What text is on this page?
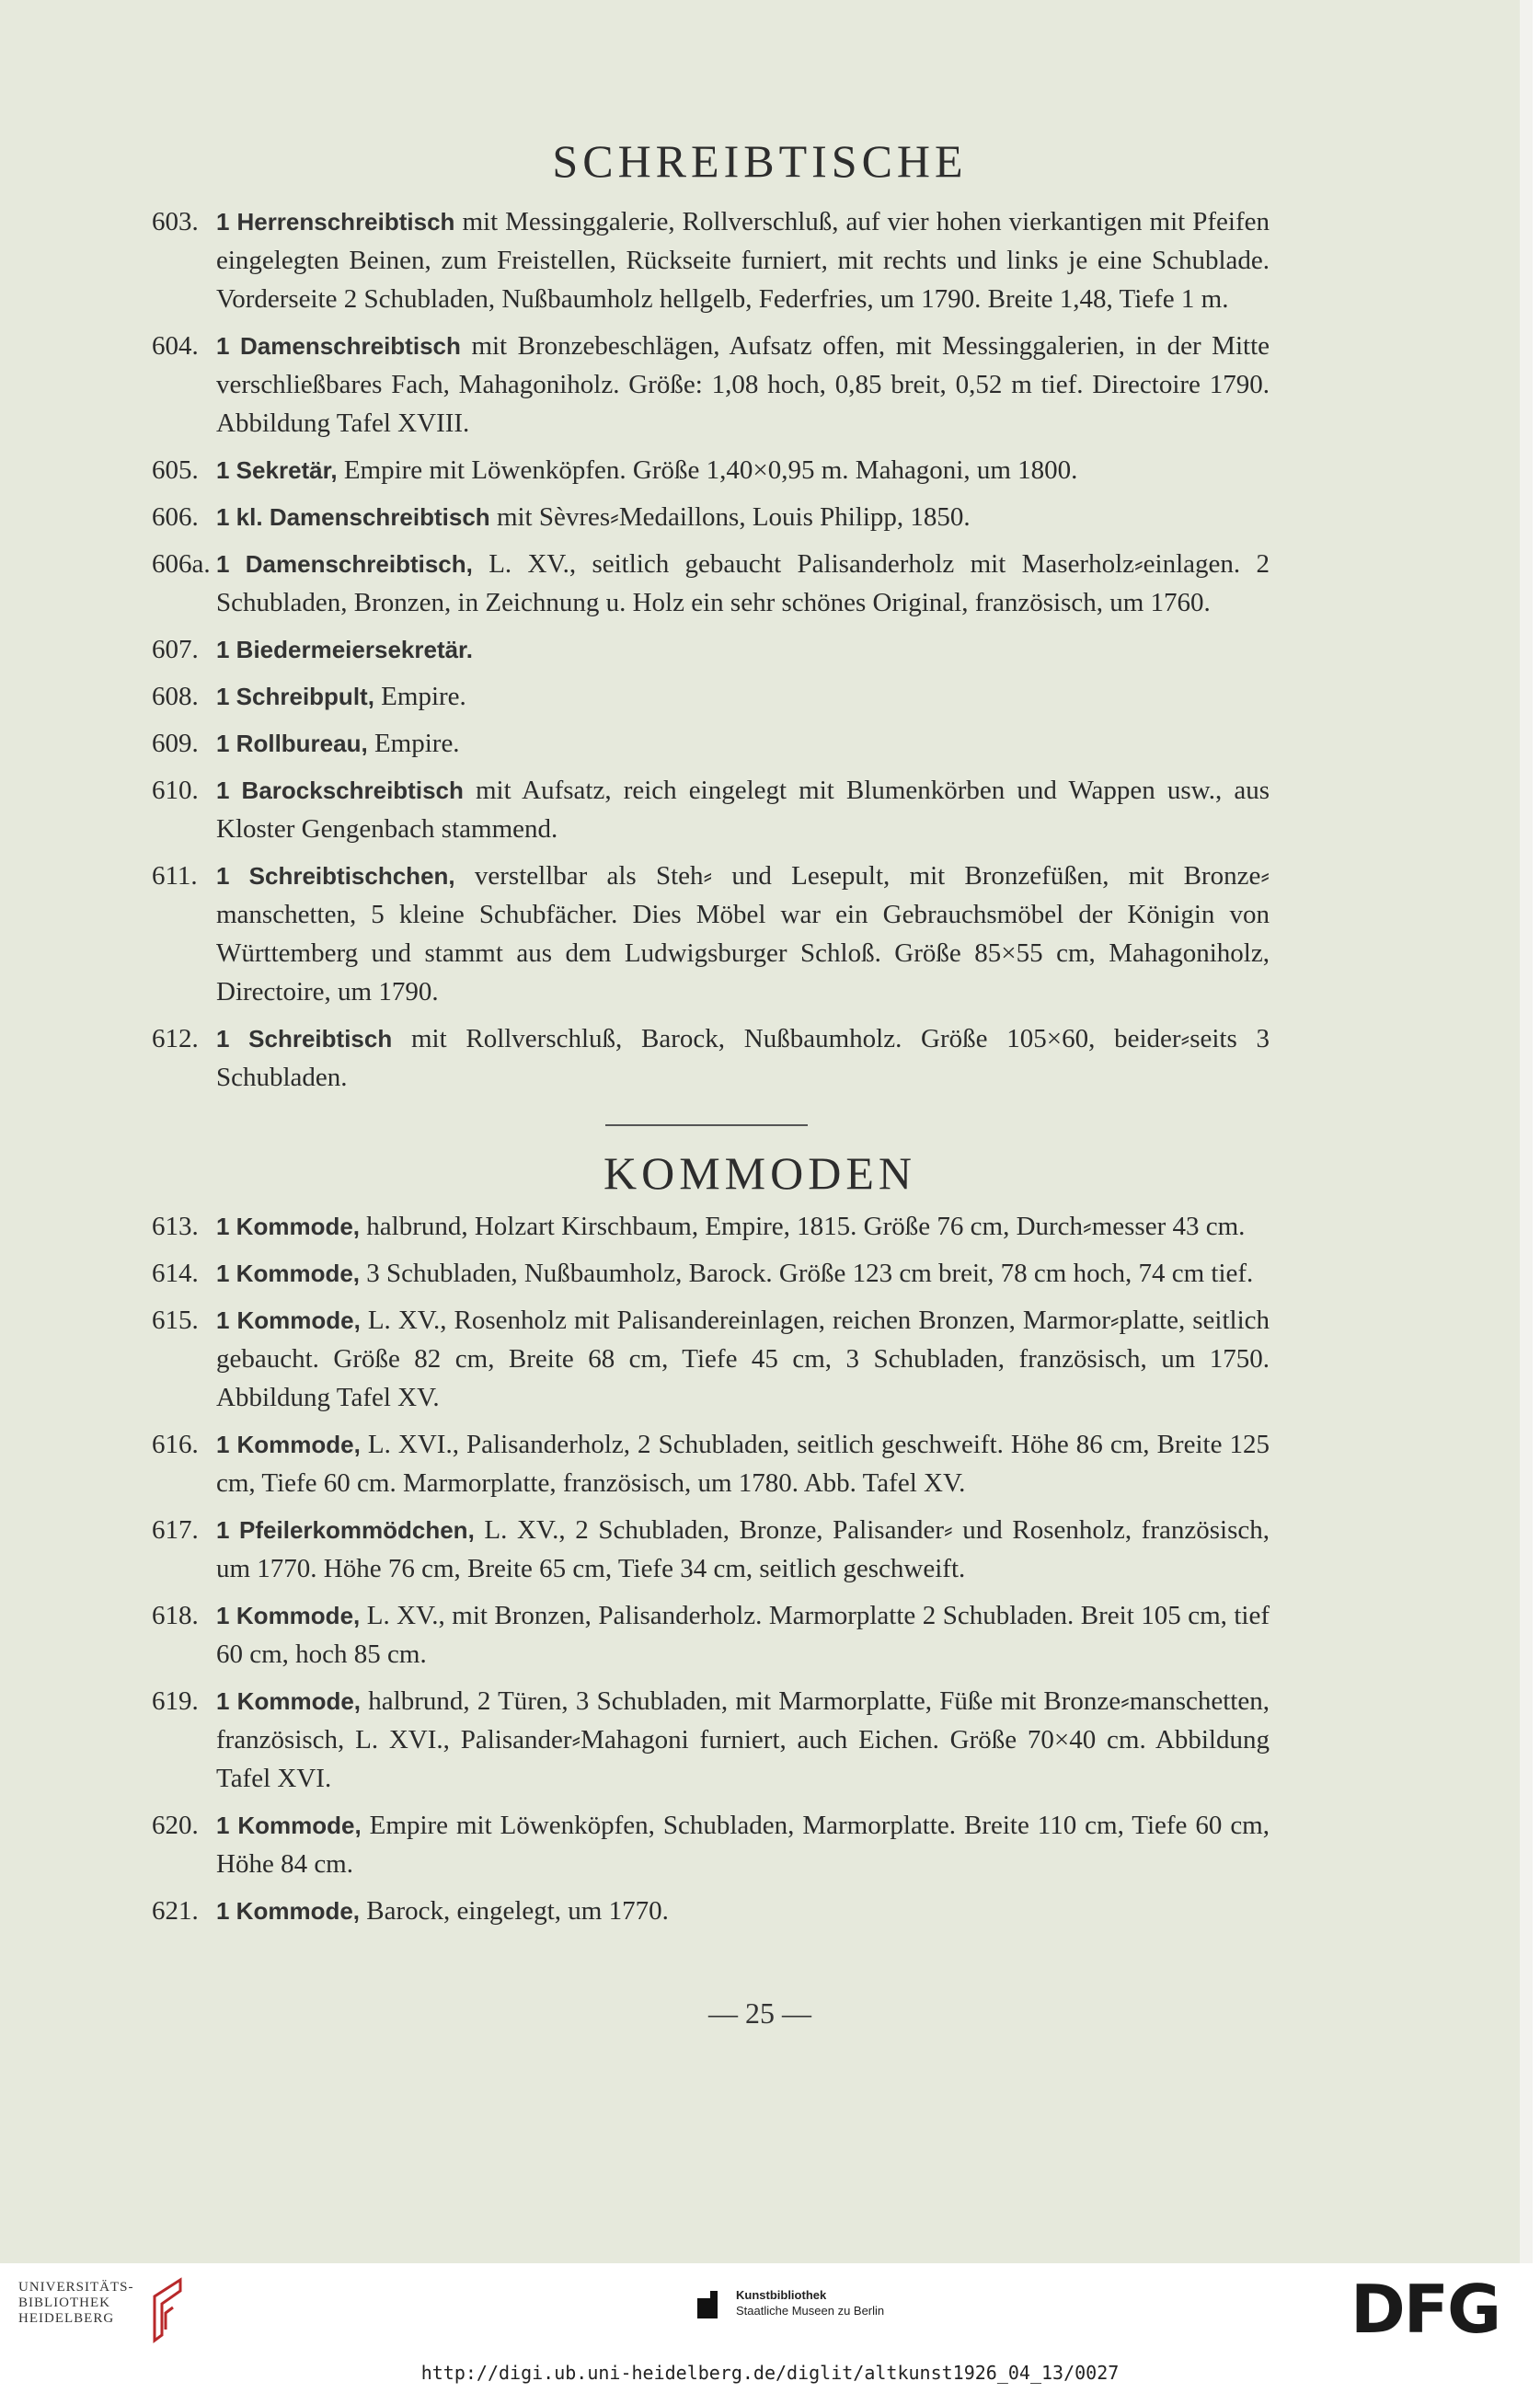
SCHREIBTISCHE
603. 1 Herrenschreibtisch mit Messinggalerie, Rollverschluß, auf vier hohen vierkantigen mit Pfeifen eingelegten Beinen, zum Freistellen, Rückseite furniert, mit rechts und links je eine Schublade. Vorderseite 2 Schubladen, Nußbaumholz hellgelb, Federfries, um 1790. Breite 1,48, Tiefe 1 m.
604. 1 Damenschreibtisch mit Bronzebeschlägen, Aufsatz offen, mit Messinggalerien, in der Mitte verschließbares Fach, Mahagoniholz. Größe: 1,08 hoch, 0,85 breit, 0,52 m tief. Directoire 1790. Abbildung Tafel XVIII.
605. 1 Sekretär, Empire mit Löwenköpfen. Größe 1,40×0,95 m. Mahagoni, um 1800.
606. 1 kl. Damenschreibtisch mit Sèvres⸗Medaillons, Louis Philipp, 1850.
606a. 1 Damenschreibtisch, L. XV., seitlich gebaucht Palisanderholz mit Maserholz⸗einlagen. 2 Schubladen, Bronzen, in Zeichnung u. Holz ein sehr schönes Original, französisch, um 1760.
607. 1 Biedermeiersekretär.
608. 1 Schreibpult, Empire.
609. 1 Rollbureau, Empire.
610. 1 Barockschreibtisch mit Aufsatz, reich eingelegt mit Blumenkörben und Wappen usw., aus Kloster Gengenbach stammend.
611. 1 Schreibtischchen, verstellbar als Steh⸗ und Lesepult, mit Bronzefüßen, mit Bronze⸗manschetten, 5 kleine Schubfächer. Dies Möbel war ein Gebrauchsmöbel der Königin von Württemberg und stammt aus dem Ludwigsburger Schloß. Größe 85×55 cm, Mahagoniholz, Directoire, um 1790.
612. 1 Schreibtisch mit Rollverschluß, Barock, Nußbaumholz. Größe 105×60, beider⸗seits 3 Schubladen.
KOMMODEN
613. 1 Kommode, halbrund, Holzart Kirschbaum, Empire, 1815. Größe 76 cm, Durch⸗messer 43 cm.
614. 1 Kommode, 3 Schubladen, Nußbaumholz, Barock. Größe 123 cm breit, 78 cm hoch, 74 cm tief.
615. 1 Kommode, L. XV., Rosenholz mit Palisandereinlagen, reichen Bronzen, Marmor⸗platte, seitlich gebaucht. Größe 82 cm, Breite 68 cm, Tiefe 45 cm, 3 Schubladen, französisch, um 1750. Abbildung Tafel XV.
616. 1 Kommode, L. XVI., Palisanderholz, 2 Schubladen, seitlich geschweift. Höhe 86 cm, Breite 125 cm, Tiefe 60 cm. Marmorplatte, französisch, um 1780. Abb. Tafel XV.
617. 1 Pfeilerkommödchen, L. XV., 2 Schubladen, Bronze, Palisander⸗ und Rosenholz, französisch, um 1770. Höhe 76 cm, Breite 65 cm, Tiefe 34 cm, seitlich geschweift.
618. 1 Kommode, L. XV., mit Bronzen, Palisanderholz. Marmorplatte 2 Schubladen. Breit 105 cm, tief 60 cm, hoch 85 cm.
619. 1 Kommode, halbrund, 2 Türen, 3 Schubladen, mit Marmorplatte, Füße mit Bronze⸗manschetten, französisch, L. XVI., Palisander⸗Mahagoni furniert, auch Eichen. Größe 70×40 cm. Abbildung Tafel XVI.
620. 1 Kommode, Empire mit Löwenköpfen, Schubladen, Marmorplatte. Breite 110 cm, Tiefe 60 cm, Höhe 84 cm.
621. 1 Kommode, Barock, eingelegt, um 1770.
— 25 —
UNIVERSITÄTS-
BIBLIOTHEK
HEIDELBERG
Kunstbibliothek
Staatliche Museen zu Berlin	DFG
http://digi.ub.uni-heidelberg.de/diglit/altkunst1926_04_13/0027
